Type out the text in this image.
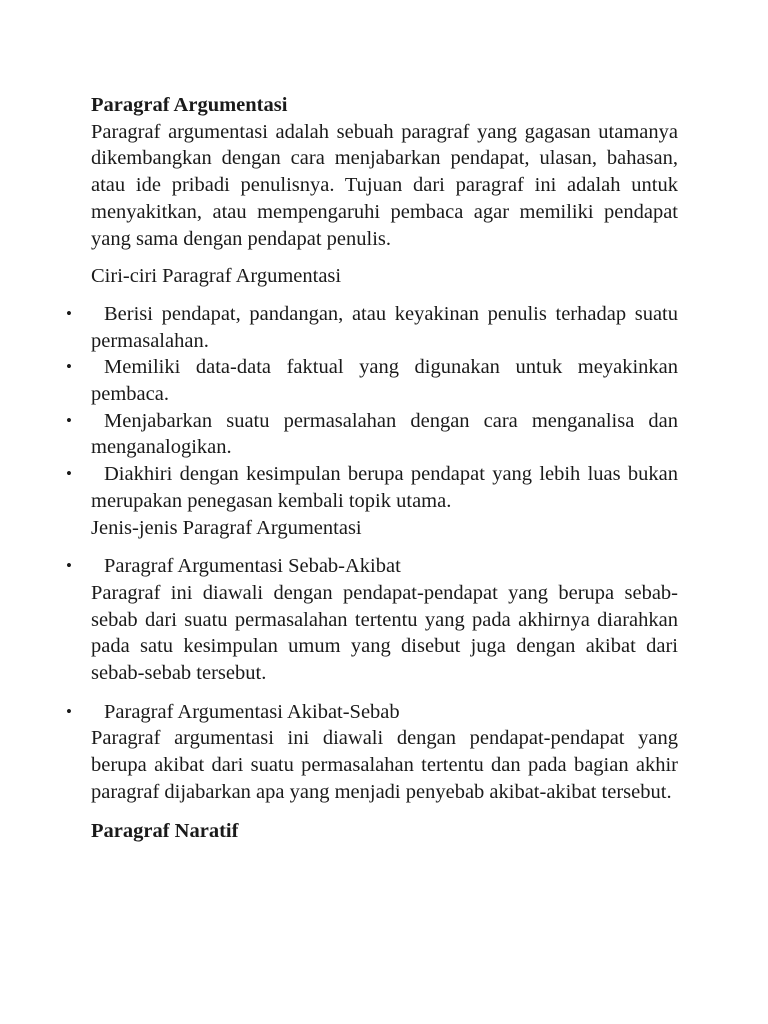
Paragraf Argumentasi

Paragraf argumentasi adalah sebuah paragraf yang gagasan utamanya dikembangkan dengan cara menjabarkan pendapat, ulasan, bahasan, atau ide pribadi penulisnya. Tujuan dari paragraf ini adalah untuk menyakitkan, atau mempengaruhi pembaca agar memiliki pendapat yang sama dengan pendapat penulis.

Ciri-ciri Paragraf Argumentasi

• Berisi pendapat, pandangan, atau keyakinan penulis terhadap suatu permasalahan.
• Memiliki data-data faktual yang digunakan untuk meyakinkan pembaca.
• Menjabarkan suatu permasalahan dengan cara menganalisa dan menganalogikan.
• Diakhiri dengan kesimpulan berupa pendapat yang lebih luas bukan merupakan penegasan kembali topik utama.

Jenis-jenis Paragraf Argumentasi

• Paragraf Argumentasi Sebab-Akibat

Paragraf ini diawali dengan pendapat-pendapat yang berupa sebab-sebab dari suatu permasalahan tertentu yang pada akhirnya diarahkan pada satu kesimpulan umum yang disebut juga dengan akibat dari sebab-sebab tersebut.

• Paragraf Argumentasi Akibat-Sebab

Paragraf argumentasi ini diawali dengan pendapat-pendapat yang berupa akibat dari suatu permasalahan tertentu dan pada bagian akhir paragraf dijabarkan apa yang menjadi penyebab akibat-akibat tersebut.

Paragraf Naratif
